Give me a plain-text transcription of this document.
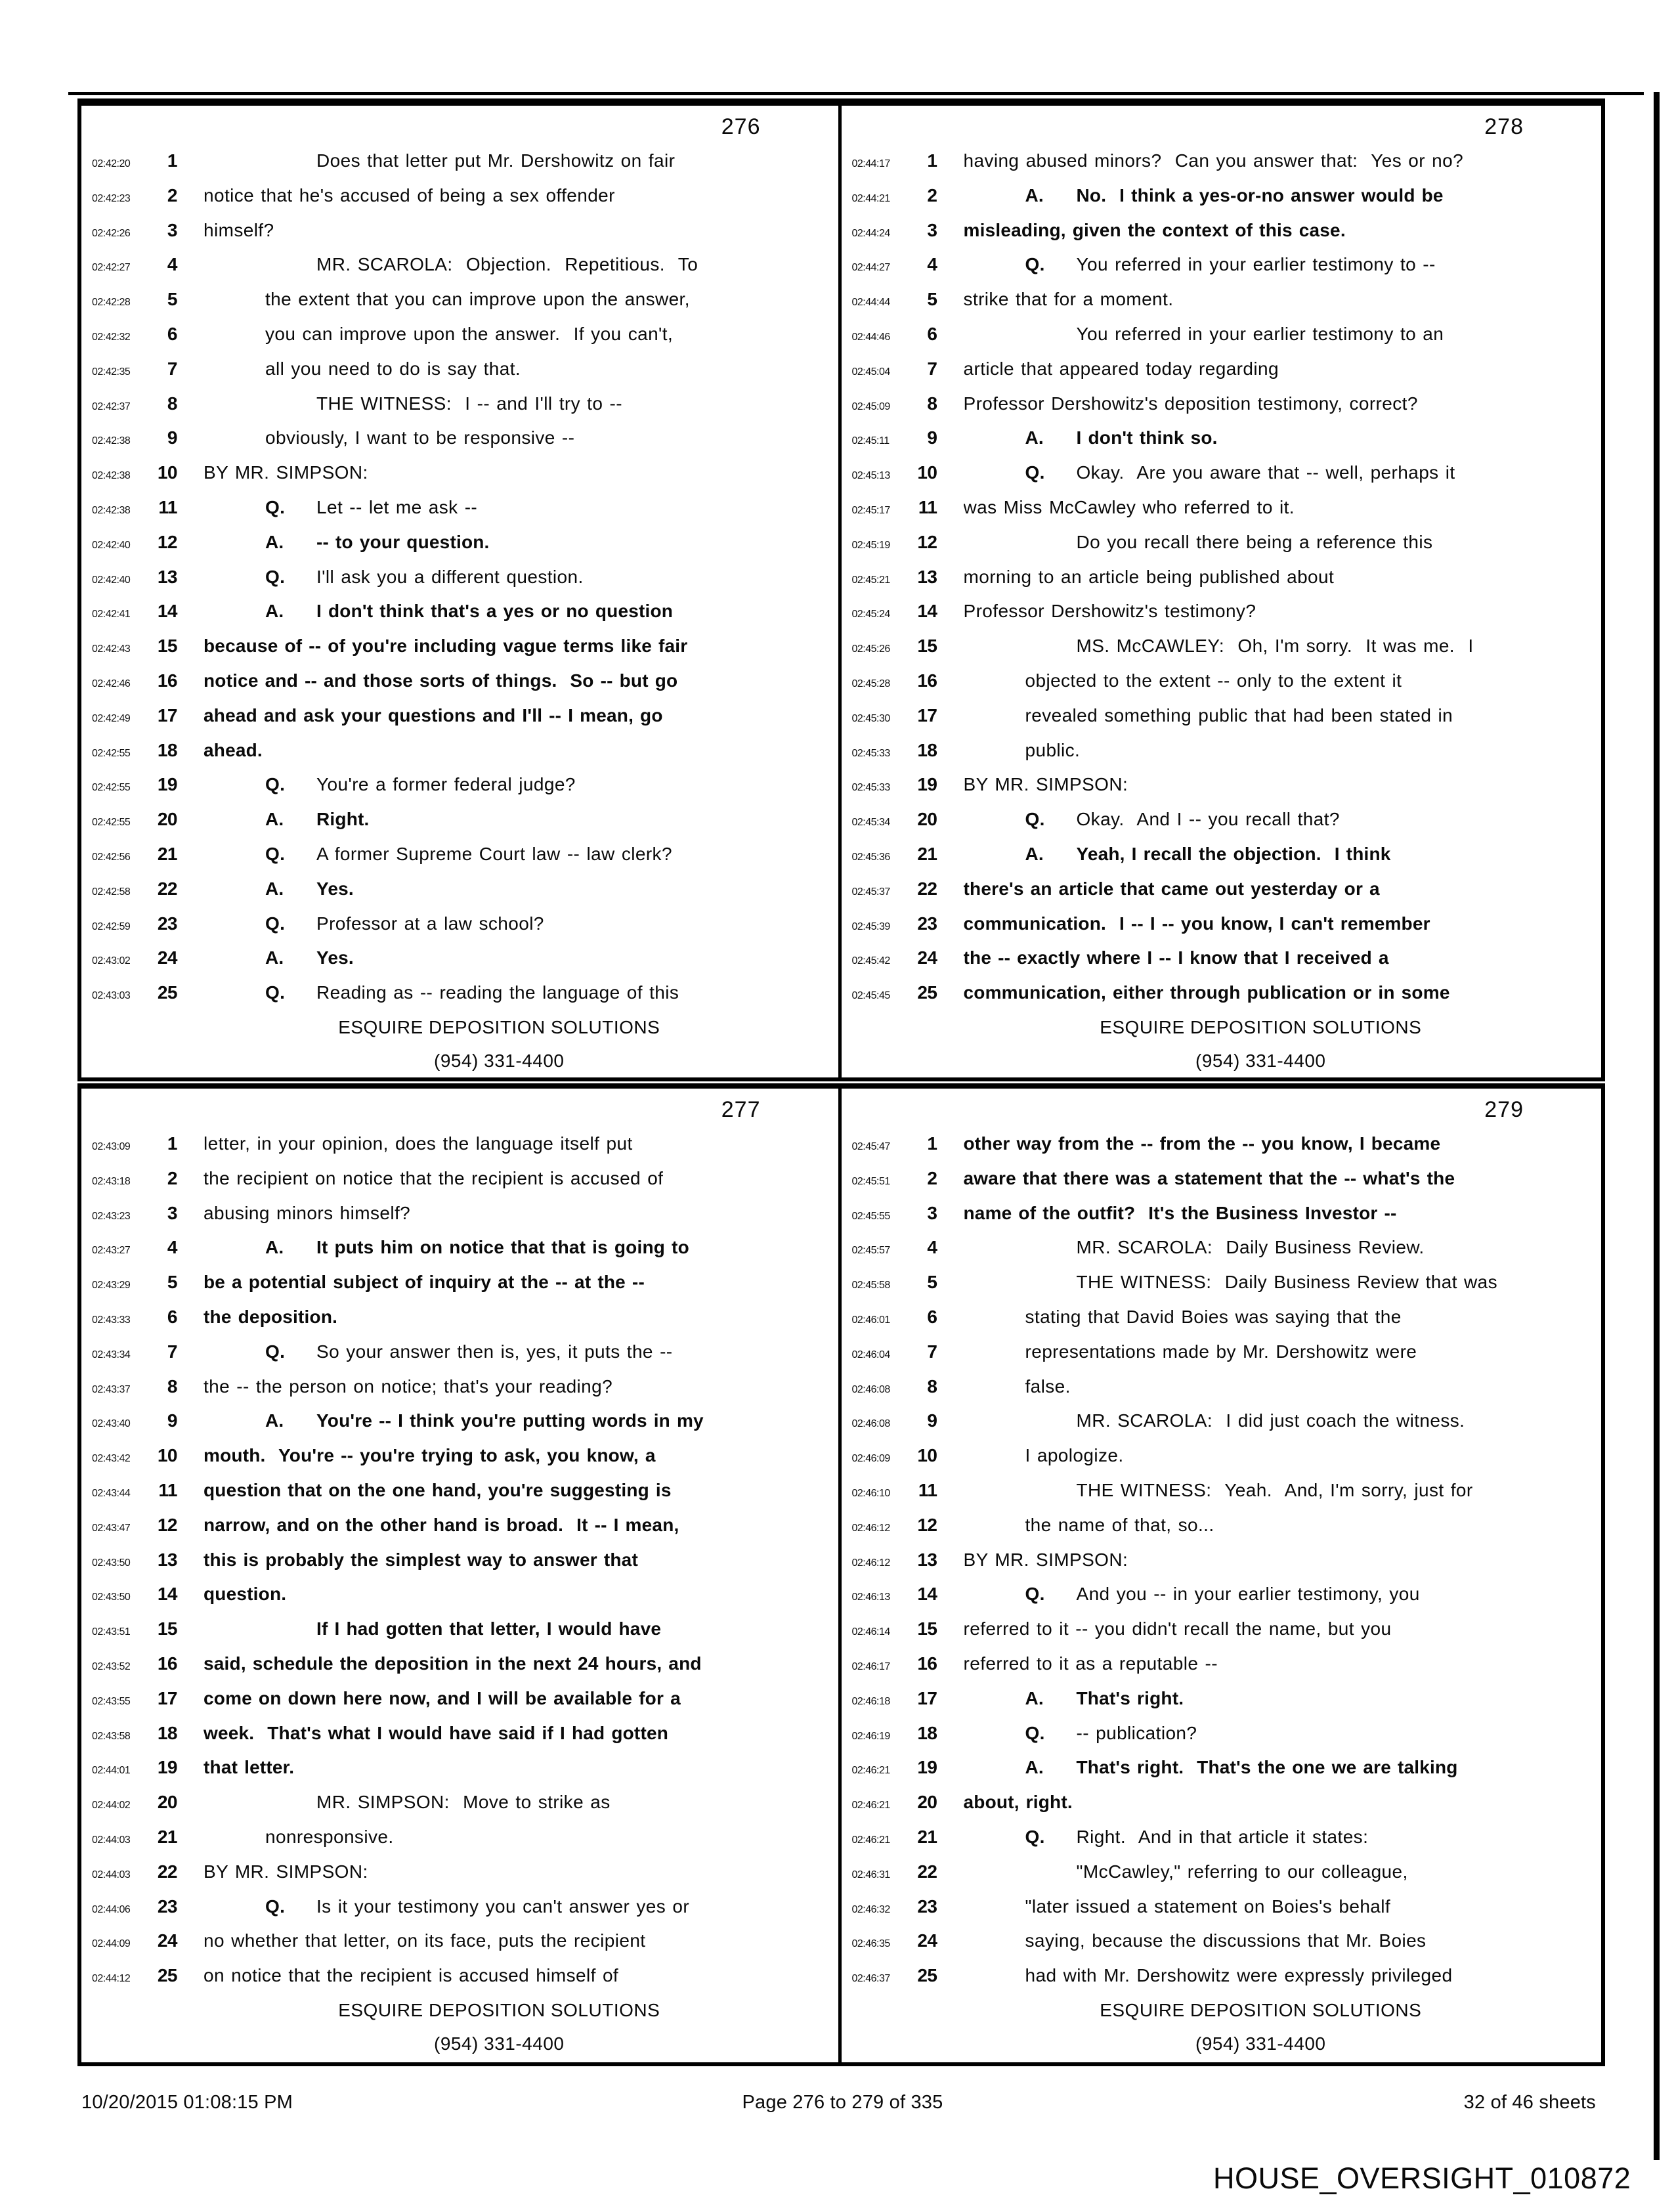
276
02:42:20	1	Does that letter put Mr. Dershowitz on fair
02:42:23	2 notice that he's accused of being a sex offender
02:42:26	3 himself?
02:42:27	4	MR. SCAROLA:  Objection.  Repetitious.  To
02:42:28	5	the extent that you can improve upon the answer,
02:42:32	6	you can improve upon the answer.  If you can't,
02:42:35	7	all you need to do is say that.
02:42:37	8	THE WITNESS:  I -- and I'll try to --
02:42:38	9	obviously, I want to be responsive --
02:42:38	10 BY MR. SIMPSON:
02:42:38	11	Q. Let -- let me ask --
02:42:40	12	A. -- to your question.
02:42:40	13	Q. I'll ask you a different question.
02:42:41	14	A. I don't think that's a yes or no question
02:42:43	15 because of -- of you're including vague terms like fair
02:42:46	16 notice and -- and those sorts of things.  So -- but go
02:42:49	17 ahead and ask your questions and I'll -- I mean, go
02:42:55	18 ahead.
02:42:55	19	Q. You're a former federal judge?
02:42:55	20	A. Right.
02:42:56	21	Q. A former Supreme Court law -- law clerk?
02:42:58	22	A. Yes.
02:42:59	23	Q. Professor at a law school?
02:43:02	24	A. Yes.
02:43:03	25	Q. Reading as -- reading the language of this
ESQUIRE DEPOSITION SOLUTIONS
(954) 331-4400
278
02:44:17	1 having abused minors?  Can you answer that:  Yes or no?
02:44:21	2	A. No.  I think a yes-or-no answer would be
02:44:24	3 misleading, given the context of this case.
02:44:27	4	Q. You referred in your earlier testimony to --
02:44:44	5 strike that for a moment.
02:44:46	6	You referred in your earlier testimony to an
02:45:04	7 article that appeared today regarding
02:45:09	8 Professor Dershowitz's deposition testimony, correct?
02:45:11	9	A. I don't think so.
02:45:13	10	Q. Okay.  Are you aware that -- well, perhaps it
02:45:17	11 was Miss McCawley who referred to it.
02:45:19	12	Do you recall there being a reference this
02:45:21	13 morning to an article being published about
02:45:24	14 Professor Dershowitz's testimony?
02:45:26	15	MS. McCAWLEY:  Oh, I'm sorry.  It was me.  I
02:45:28	16	objected to the extent -- only to the extent it
02:45:30	17	revealed something public that had been stated in
02:45:33	18	public.
02:45:33	19 BY MR. SIMPSON:
02:45:34	20	Q. Okay.  And I -- you recall that?
02:45:36	21	A. Yeah, I recall the objection.  I think
02:45:37	22 there's an article that came out yesterday or a
02:45:39	23 communication.  I -- I -- you know, I can't remember
02:45:42	24 the -- exactly where I -- I know that I received a
02:45:45	25 communication, either through publication or in some
ESQUIRE DEPOSITION SOLUTIONS
(954) 331-4400
277
02:43:09	1 letter, in your opinion, does the language itself put
02:43:18	2 the recipient on notice that the recipient is accused of
02:43:23	3 abusing minors himself?
02:43:27	4	A. It puts him on notice that that is going to
02:43:29	5 be a potential subject of inquiry at the -- at the --
02:43:33	6 the deposition.
02:43:34	7	Q. So your answer then is, yes, it puts the --
02:43:37	8 the -- the person on notice; that's your reading?
02:43:40	9	A. You're -- I think you're putting words in my
02:43:42	10 mouth.  You're -- you're trying to ask, you know, a
02:43:44	11 question that on the one hand, you're suggesting is
02:43:47	12 narrow, and on the other hand is broad.  It -- I mean,
02:43:50	13 this is probably the simplest way to answer that
02:43:50	14 question.
02:43:51	15	If I had gotten that letter, I would have
02:43:52	16 said, schedule the deposition in the next 24 hours, and
02:43:55	17 come on down here now, and I will be available for a
02:43:58	18 week.  That's what I would have said if I had gotten
02:44:01	19 that letter.
02:44:02	20	MR. SIMPSON:  Move to strike as
02:44:03	21	nonresponsive.
02:44:03	22 BY MR. SIMPSON:
02:44:06	23	Q. Is it your testimony you can't answer yes or
02:44:09	24 no whether that letter, on its face, puts the recipient
02:44:12	25 on notice that the recipient is accused himself of
ESQUIRE DEPOSITION SOLUTIONS
(954) 331-4400
279
02:45:47	1 other way from the -- from the -- you know, I became
02:45:51	2 aware that there was a statement that the -- what's the
02:45:55	3 name of the outfit?  It's the Business Investor --
02:45:57	4	MR. SCAROLA:  Daily Business Review.
02:45:58	5	THE WITNESS:  Daily Business Review that was
02:46:01	6	stating that David Boies was saying that the
02:46:04	7	representations made by Mr. Dershowitz were
02:46:08	8	false.
02:46:08	9	MR. SCAROLA:  I did just coach the witness.
02:46:09	10	I apologize.
02:46:10	11	THE WITNESS:  Yeah.  And, I'm sorry, just for
02:46:12	12	the name of that, so...
02:46:12	13 BY MR. SIMPSON:
02:46:13	14	Q. And you -- in your earlier testimony, you
02:46:14	15 referred to it -- you didn't recall the name, but you
02:46:17	16 referred to it as a reputable --
02:46:18	17	A. That's right.
02:46:19	18	Q. -- publication?
02:46:21	19	A. That's right.  That's the one we are talking
02:46:21	20 about, right.
02:46:21	21	Q. Right.  And in that article it states:
02:46:31	22	"McCawley," referring to our colleague,
02:46:32	23	"later issued a statement on Boies's behalf
02:46:35	24	saying, because the discussions that Mr. Boies
02:46:37	25	had with Mr. Dershowitz were expressly privileged
ESQUIRE DEPOSITION SOLUTIONS
(954) 331-4400
10/20/2015 01:08:15 PM	Page 276 to 279 of 335	32 of 46 sheets
HOUSE_OVERSIGHT_010872
